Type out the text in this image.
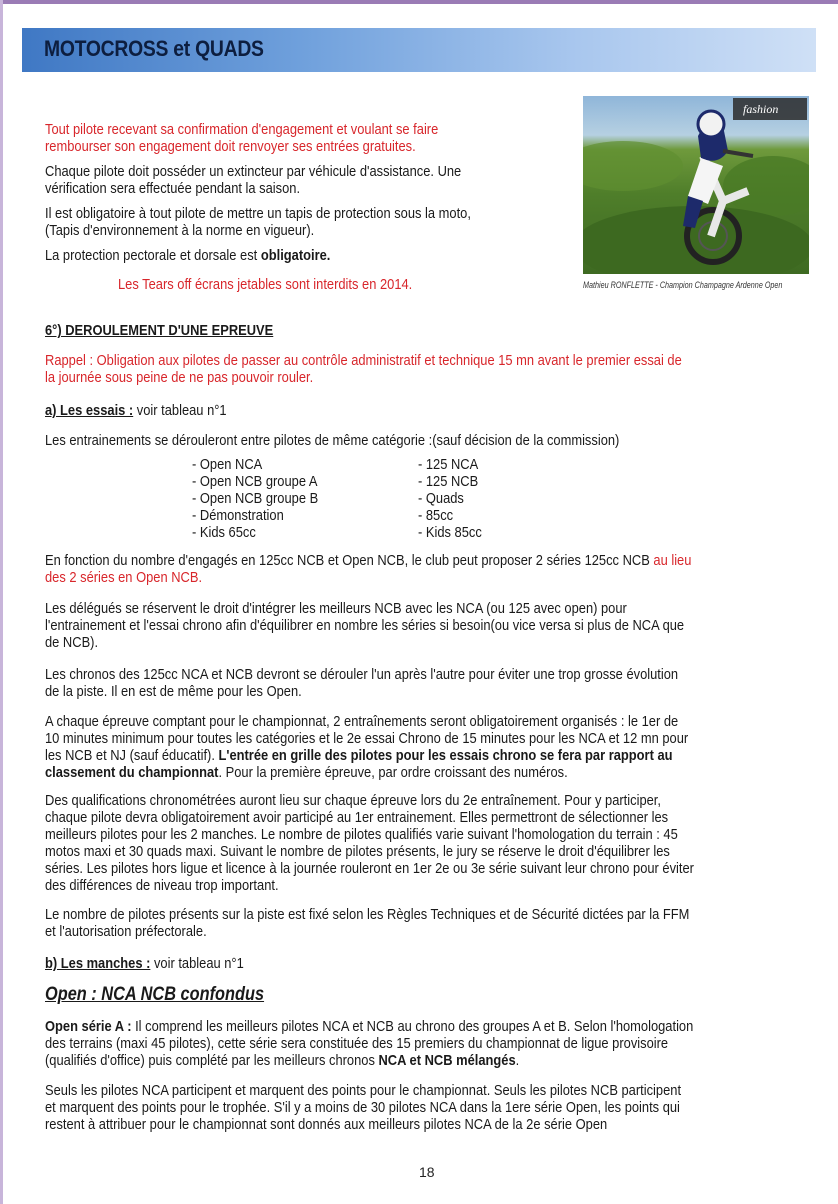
MOTOCROSS et QUADS
fashion
Mathieu RONFLETTE - Champion Champagne Ardenne Open
Tout pilote recevant sa confirmation d'engagement et voulant se faire
rembourser son engagement doit renvoyer ses entrées gratuites.
Chaque pilote doit posséder un extincteur par véhicule d'assistance. Une
vérification sera effectuée pendant la saison.
Il est obligatoire à tout pilote de mettre un tapis de protection sous la moto,
(Tapis d'environnement à la norme en vigueur).
La protection pectorale et dorsale est obligatoire.
Les Tears off écrans jetables sont interdits en 2014.
6°) DEROULEMENT D'UNE EPREUVE
Rappel : Obligation aux pilotes de passer au contrôle administratif et technique 15 mn avant le premier essai de
la journée sous peine de ne pas pouvoir rouler.
a) Les essais : voir tableau n°1
Les entrainements se dérouleront entre pilotes de même catégorie :(sauf décision de la commission)
- Open NCA
- Open NCB groupe A
- Open NCB groupe B
- Démonstration
- Kids 65cc
- 125 NCA
- 125 NCB
- Quads
- 85cc
- Kids 85cc
En fonction du nombre d'engagés en 125cc NCB et Open NCB, le club peut proposer 2 séries 125cc NCB au lieu
des 2 séries en Open NCB.
Les délégués se réservent le droit d'intégrer les meilleurs NCB avec les NCA (ou 125 avec open) pour
l'entrainement et l'essai chrono afin d'équilibrer en nombre les séries si besoin(ou vice versa si plus de NCA que
de NCB).
Les chronos des 125cc NCA et NCB devront se dérouler l'un après l'autre pour éviter une trop grosse évolution
de la piste. Il en est de même pour les Open.
A chaque épreuve comptant pour le championnat, 2 entraînements seront obligatoirement organisés : le 1er de
10 minutes minimum pour toutes les catégories et le 2e essai Chrono de 15 minutes pour les NCA et 12 mn pour
les NCB et NJ (sauf éducatif). L'entrée en grille des pilotes pour les essais chrono se fera par rapport au
classement du championnat. Pour la première épreuve, par ordre croissant des numéros.
Des qualifications chronométrées auront lieu sur chaque épreuve lors du 2e entraînement. Pour y participer,
chaque pilote devra obligatoirement avoir participé au 1er entrainement. Elles permettront de sélectionner les
meilleurs pilotes pour les 2 manches. Le nombre de pilotes qualifiés varie suivant l'homologation du terrain : 45
motos maxi et 30 quads maxi. Suivant le nombre de pilotes présents, le jury se réserve le droit d'équilibrer les
séries. Les pilotes hors ligue et licence à la journée rouleront en 1er 2e ou 3e série suivant leur chrono pour éviter
des différences de niveau trop important.
Le nombre de pilotes présents sur la piste est fixé selon les Règles Techniques et de Sécurité dictées par la FFM
et l'autorisation préfectorale.
b) Les manches : voir tableau n°1
Open : NCA NCB confondus
Open série A : Il comprend les meilleurs pilotes NCA et NCB au chrono des groupes A et B. Selon l'homologation
des terrains (maxi 45 pilotes), cette série sera constituée des 15 premiers du championnat de ligue provisoire
(qualifiés d'office) puis complété par les meilleurs chronos NCA et NCB mélangés.
Seuls les pilotes NCA participent et marquent des points pour le championnat. Seuls les pilotes NCB participent
et marquent des points pour le trophée. S'il y a moins de 30 pilotes NCA dans la 1ere série Open, les points qui
restent à attribuer pour le championnat sont donnés aux meilleurs pilotes NCA de la 2e série Open
18
